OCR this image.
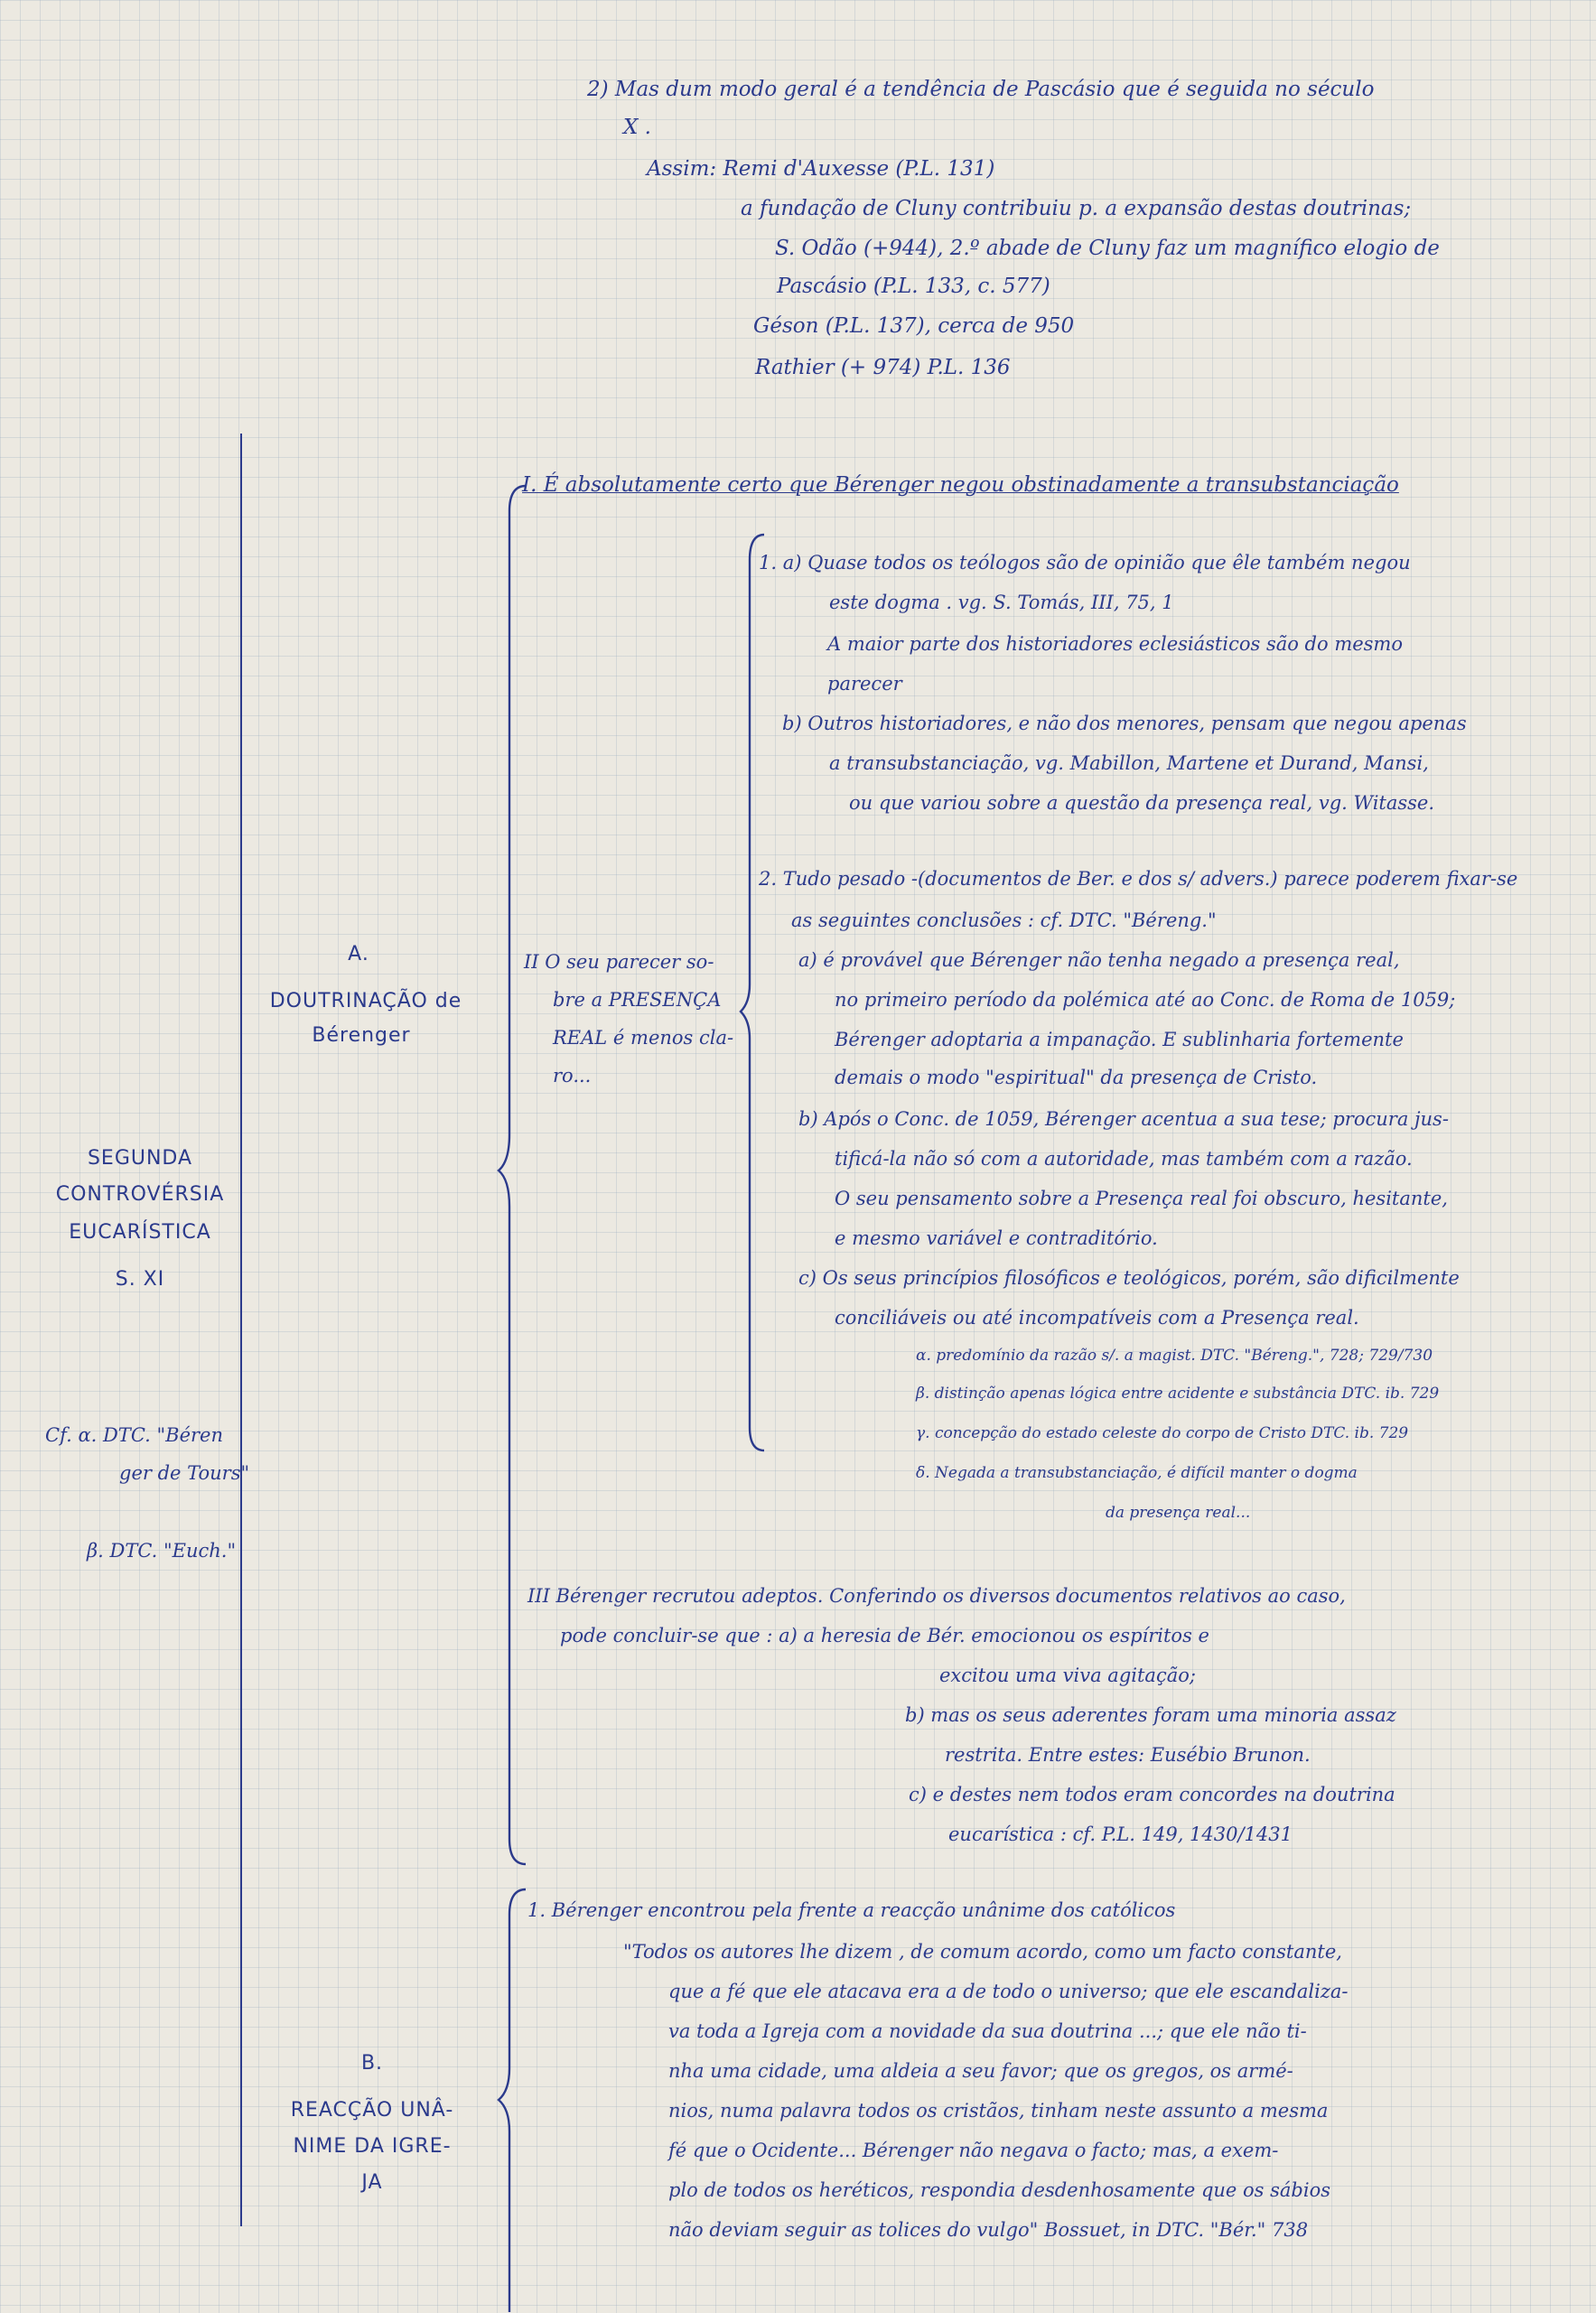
2) Mas dum modo geral é a tendência de Pascásio que é seguida no século
X .
Assim: Remi d'Auxesse (P.L. 131)
a fundação de Cluny contribuiu p. a expansão destas doutrinas;
S. Odão (+944), 2.º abade de Cluny faz um magnífico elogio de
Pascásio (P.L. 133, c. 577)
Géson (P.L. 137), cerca de 950
Rathier (+ 974) P.L. 136
SEGUNDA
CONTROVÉRSIA
EUCARÍSTICA
S. XI
Cf. α. DTC. "Béren
ger de Tours"
β. DTC. "Euch."
A.
DOUTRINAÇÃO de
Bérenger
I. É absolutamente certo que Bérenger negou obstinadamente a transubstanciação
1. a) Quase todos os teólogos são de opinião que êle também negou
este dogma . vg. S. Tomás, III, 75, 1
A maior parte dos historiadores eclesiásticos são do mesmo
parecer
b) Outros historiadores, e não dos menores, pensam que negou apenas
a transubstanciação, vg. Mabillon, Martene et Durand, Mansi,
ou que variou sobre a questão da presença real, vg. Witasse.
II O seu parecer so-
bre a PRESENÇA
REAL é menos cla-
ro...
2. Tudo pesado -(documentos de Ber. e dos s/ advers.) parece poderem fixar-se
as seguintes conclusões : cf. DTC. "Béreng."
a) é provável que Bérenger não tenha negado a presença real,
no primeiro período da polémica até ao Conc. de Roma de 1059;
Bérenger adoptaria a impanação. E sublinharia fortemente
demais o modo "espiritual" da presença de Cristo.
b) Após o Conc. de 1059, Bérenger acentua a sua tese; procura jus-
tificá-la não só com a autoridade, mas também com a razão.
O seu pensamento sobre a Presença real foi obscuro, hesitante,
e mesmo variável e contraditório.
c) Os seus princípios filosóficos e teológicos, porém, são dificilmente
conciliáveis ou até incompatíveis com a Presença real.
α. predomínio da razão s/. a magist. DTC. "Béreng.", 728; 729/730
β. distinção apenas lógica entre acidente e substância DTC. ib. 729
γ. concepção do estado celeste do corpo de Cristo DTC. ib. 729
δ. Negada a transubstanciação, é difícil manter o dogma
da presença real...
III Bérenger recrutou adeptos. Conferindo os diversos documentos relativos ao caso,
pode concluir-se que : a) a heresia de Bér. emocionou os espíritos e
excitou uma viva agitação;
b) mas os seus aderentes foram uma minoria assaz
restrita. Entre estes: Eusébio Brunon.
c) e destes nem todos eram concordes na doutrina
eucarística : cf. P.L. 149, 1430/1431
B.
REACÇÃO UNÂ-
NIME DA IGRE-
JA
1. Bérenger encontrou pela frente a reacção unânime dos católicos
"Todos os autores lhe dizem , de comum acordo, como um facto constante,
que a fé que ele atacava era a de todo o universo; que ele escandaliza-
va toda a Igreja com a novidade da sua doutrina ...; que ele não ti-
nha uma cidade, uma aldeia a seu favor; que os gregos, os armé-
nios, numa palavra todos os cristãos, tinham neste assunto a mesma
fé que o Ocidente... Bérenger não negava o facto; mas, a exem-
plo de todos os heréticos, respondia desdenhosamente que os sábios
não deviam seguir as tolices do vulgo" Bossuet, in DTC. "Bér." 738
